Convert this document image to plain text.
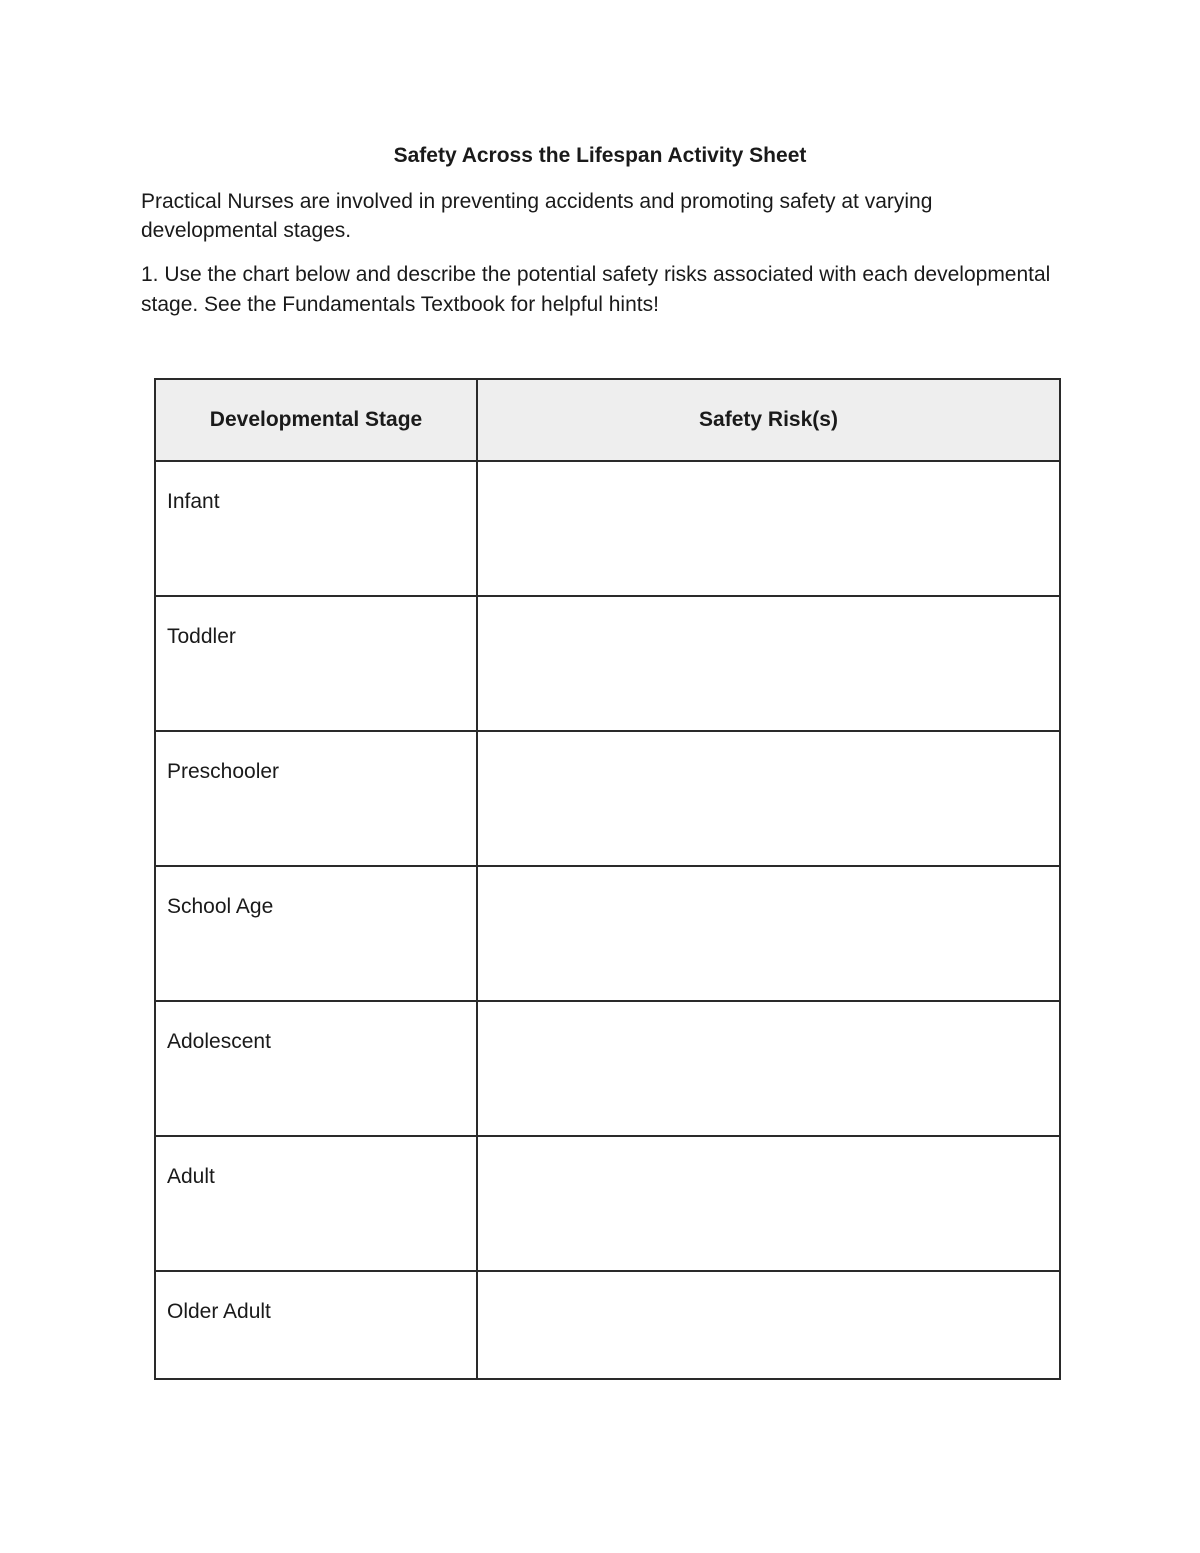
Safety Across the Lifespan Activity Sheet

Practical Nurses are involved in preventing accidents and promoting safety at varying developmental stages.

1. Use the chart below and describe the potential safety risks associated with each developmental stage. See the Fundamentals Textbook for helpful hints!

Developmental Stage	Safety Risk(s)

Infant	

Toddler	

Preschooler	

School Age	

Adolescent	

Adult	

Older Adult	
